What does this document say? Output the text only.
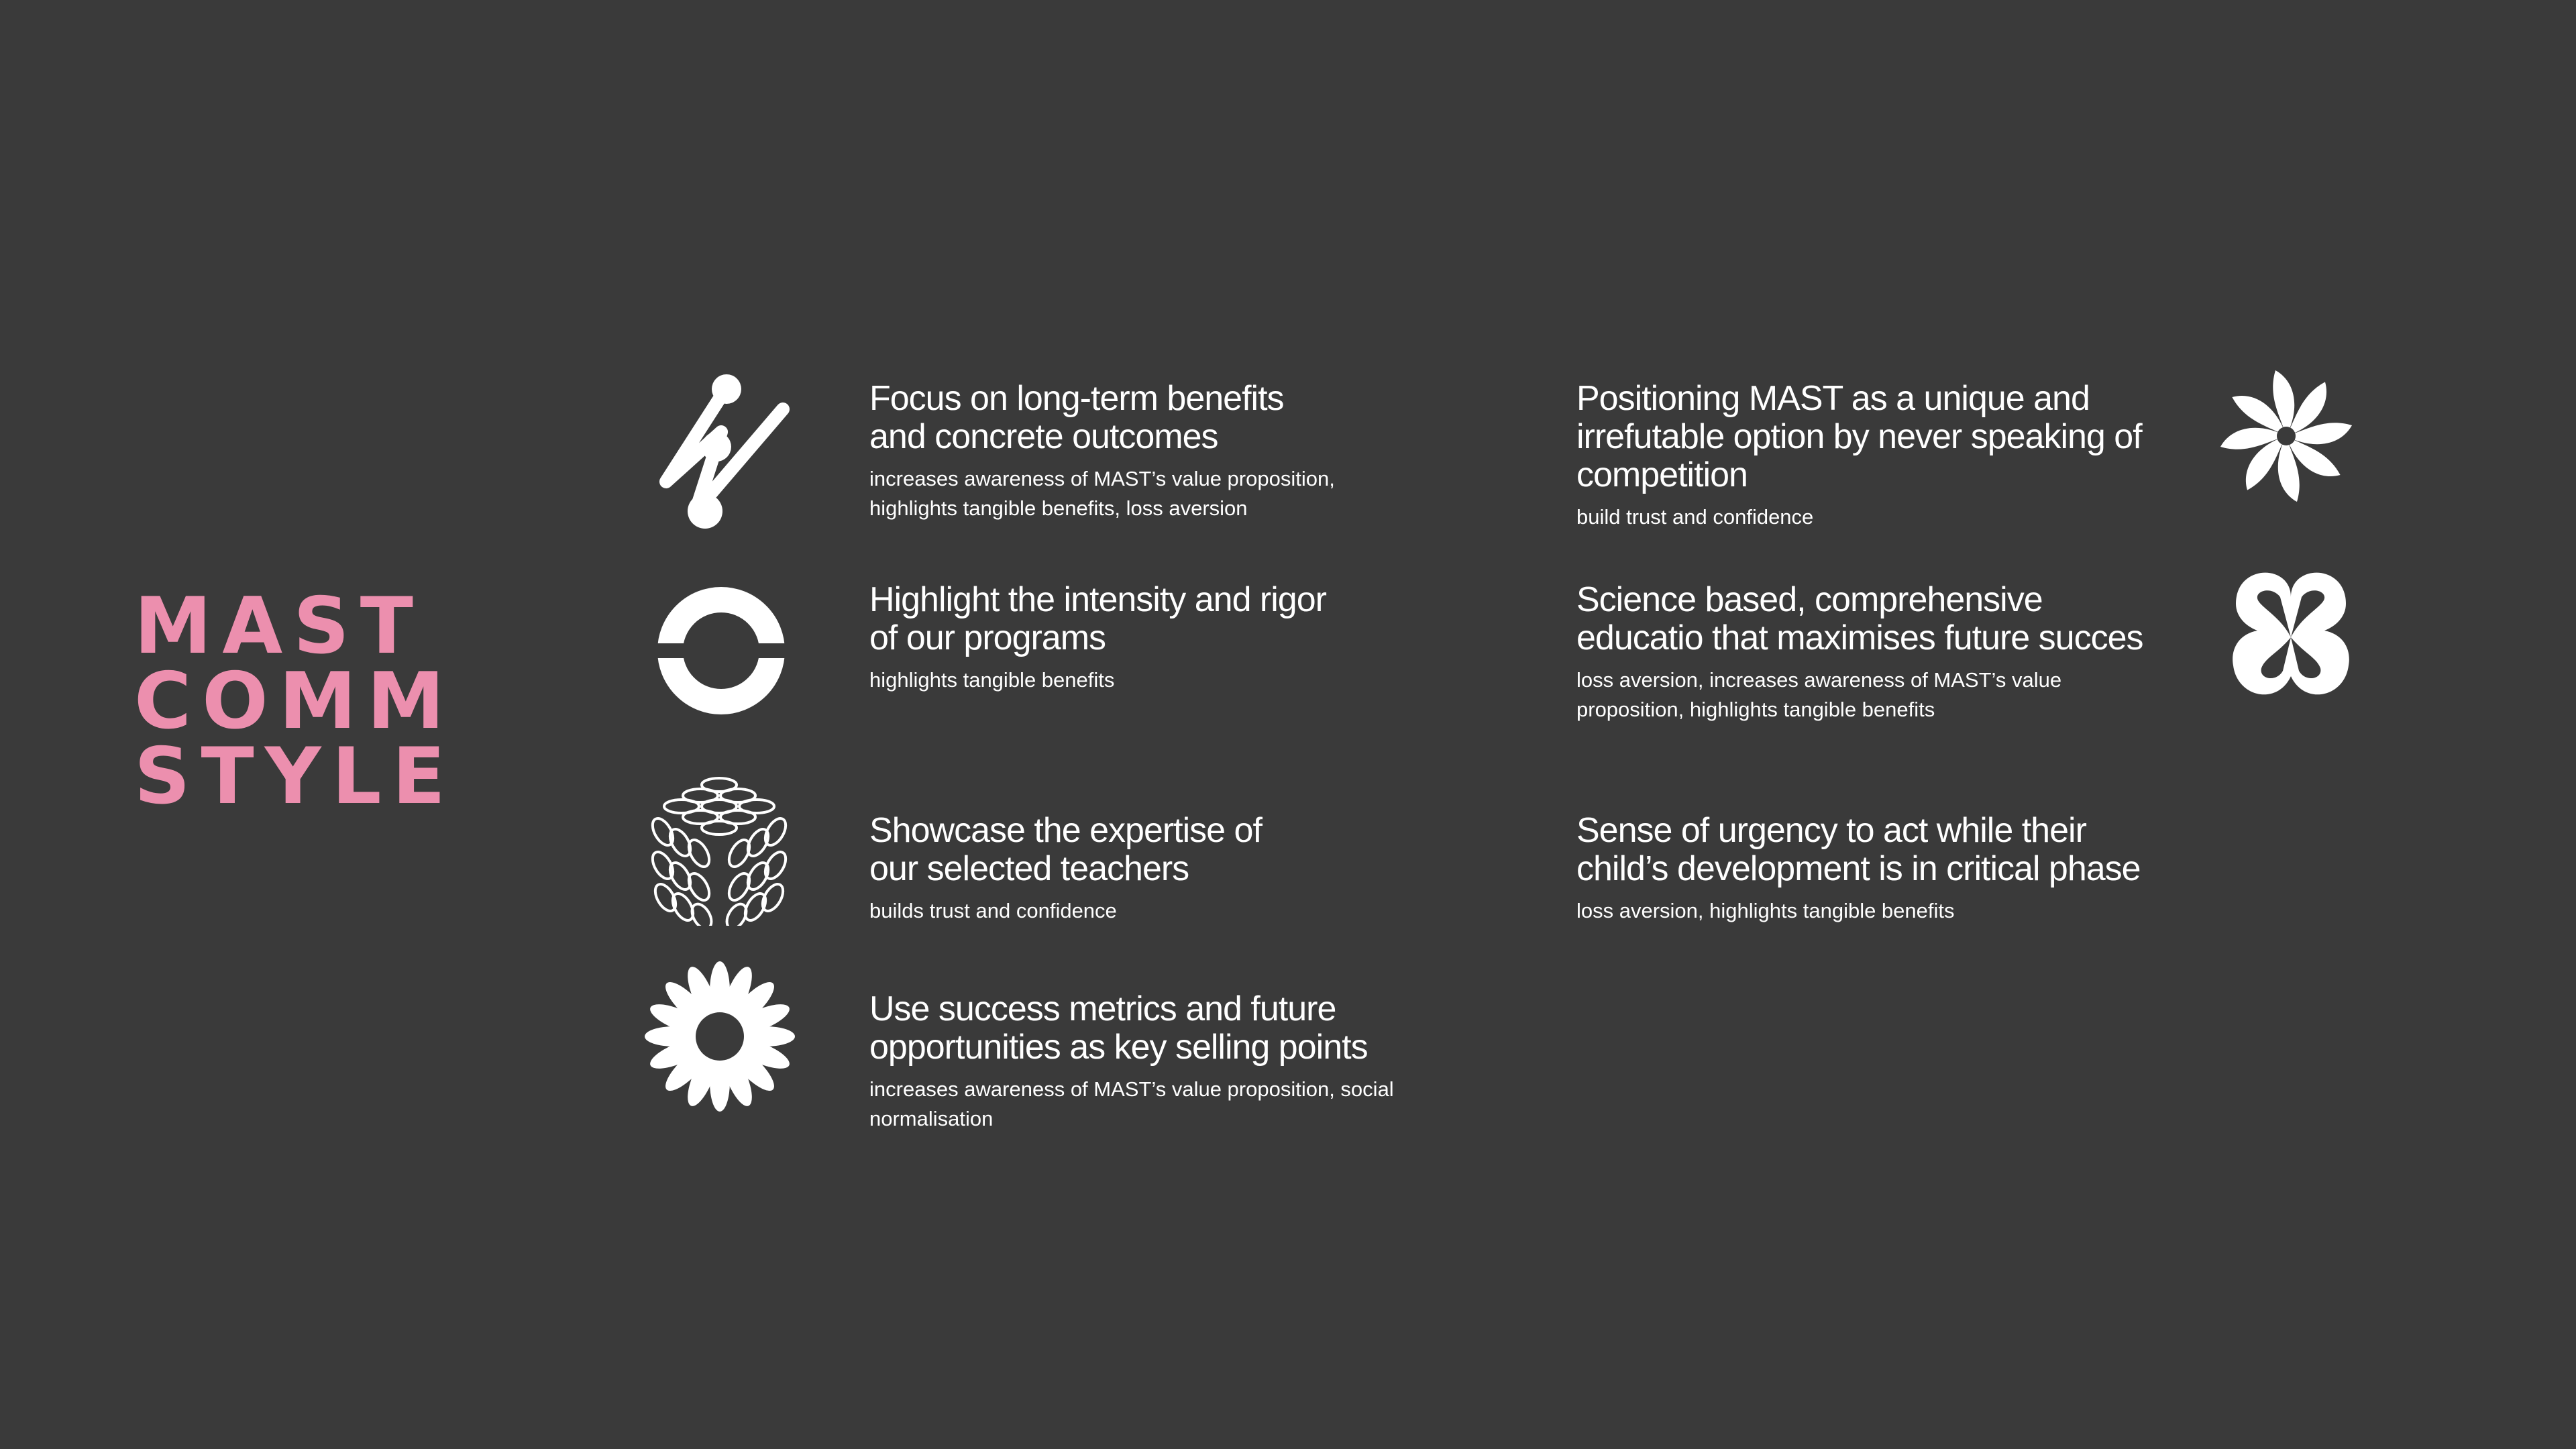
MAST
COMM
STYLE
Focus on long-term benefits
and concrete outcomes
increases awareness of MAST’s value proposition,
highlights tangible benefits, loss aversion
Highlight the intensity and rigor
of our programs
highlights tangible benefits
Showcase the expertise of
our selected teachers
builds trust and confidence
Use success metrics and future
opportunities as key selling points
increases awareness of MAST’s value proposition, social
normalisation
Positioning MAST as a unique and
irrefutable option by never speaking of
competition
build trust and confidence
Science based, comprehensive
educatio that maximises future succes
loss aversion, increases awareness of MAST’s value
proposition, highlights tangible benefits
Sense of urgency to act while their
child’s development is in critical phase
loss aversion, highlights tangible benefits
